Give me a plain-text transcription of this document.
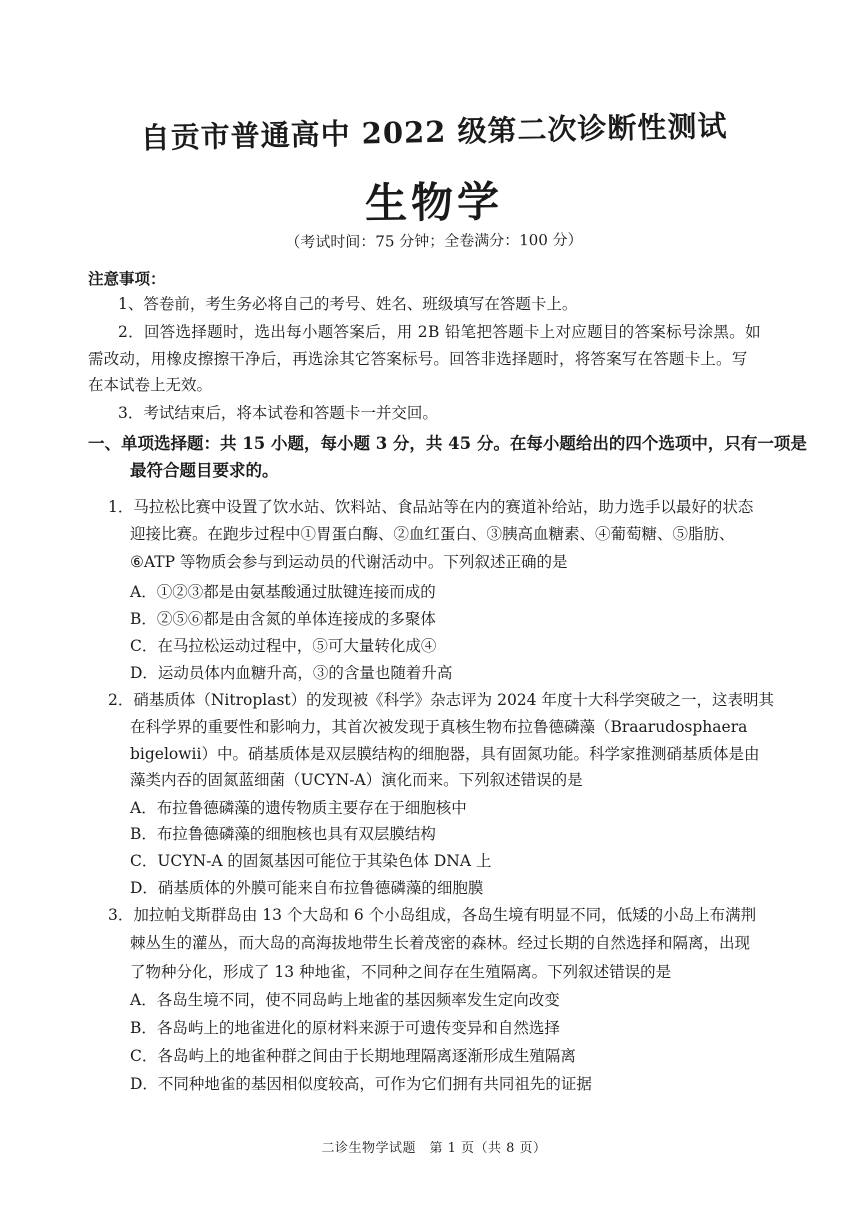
自贡市普通高中 2022 级第二次诊断性测试
生物学
（考试时间：75 分钟；全卷满分：100 分）
注意事项：
1、答卷前，考生务必将自己的考号、姓名、班级填写在答题卡上。
2．回答选择题时，选出每小题答案后，用 2B 铅笔把答题卡上对应题目的答案标号涂黑。如
需改动，用橡皮擦擦干净后，再选涂其它答案标号。回答非选择题时，将答案写在答题卡上。写
在本试卷上无效。
3．考试结束后，将本试卷和答题卡一并交回。
一、单项选择题：共 15 小题，每小题 3 分，共 45 分。在每小题给出的四个选项中，只有一项是
最符合题目要求的。
1．马拉松比赛中设置了饮水站、饮料站、食品站等在内的赛道补给站，助力选手以最好的状态
迎接比赛。在跑步过程中①胃蛋白酶、②血红蛋白、③胰高血糖素、④葡萄糖、⑤脂肪、
⑥ATP 等物质会参与到运动员的代谢活动中。下列叙述正确的是
A．①②③都是由氨基酸通过肽键连接而成的
B．②⑤⑥都是由含氮的单体连接成的多聚体
C．在马拉松运动过程中，⑤可大量转化成④
D．运动员体内血糖升高，③的含量也随着升高
2．硝基质体（Nitroplast）的发现被《科学》杂志评为 2024 年度十大科学突破之一，这表明其
在科学界的重要性和影响力，其首次被发现于真核生物布拉鲁德磷藻（Braarudosphaera
bigelowii）中。硝基质体是双层膜结构的细胞器，具有固氮功能。科学家推测硝基质体是由
藻类内吞的固氮蓝细菌（UCYN-A）演化而来。下列叙述错误的是
A．布拉鲁德磷藻的遗传物质主要存在于细胞核中
B．布拉鲁德磷藻的细胞核也具有双层膜结构
C．UCYN-A 的固氮基因可能位于其染色体 DNA 上
D．硝基质体的外膜可能来自布拉鲁德磷藻的细胞膜
3．加拉帕戈斯群岛由 13 个大岛和 6 个小岛组成，各岛生境有明显不同，低矮的小岛上布满荆
棘丛生的灌丛，而大岛的高海拔地带生长着茂密的森林。经过长期的自然选择和隔离，出现
了物种分化，形成了 13 种地雀，不同种之间存在生殖隔离。下列叙述错误的是
A．各岛生境不同，使不同岛屿上地雀的基因频率发生定向改变
B．各岛屿上的地雀进化的原材料来源于可遗传变异和自然选择
C．各岛屿上的地雀种群之间由于长期地理隔离逐渐形成生殖隔离
D．不同种地雀的基因相似度较高，可作为它们拥有共同祖先的证据
二诊生物学试题　第 1 页（共 8 页）
